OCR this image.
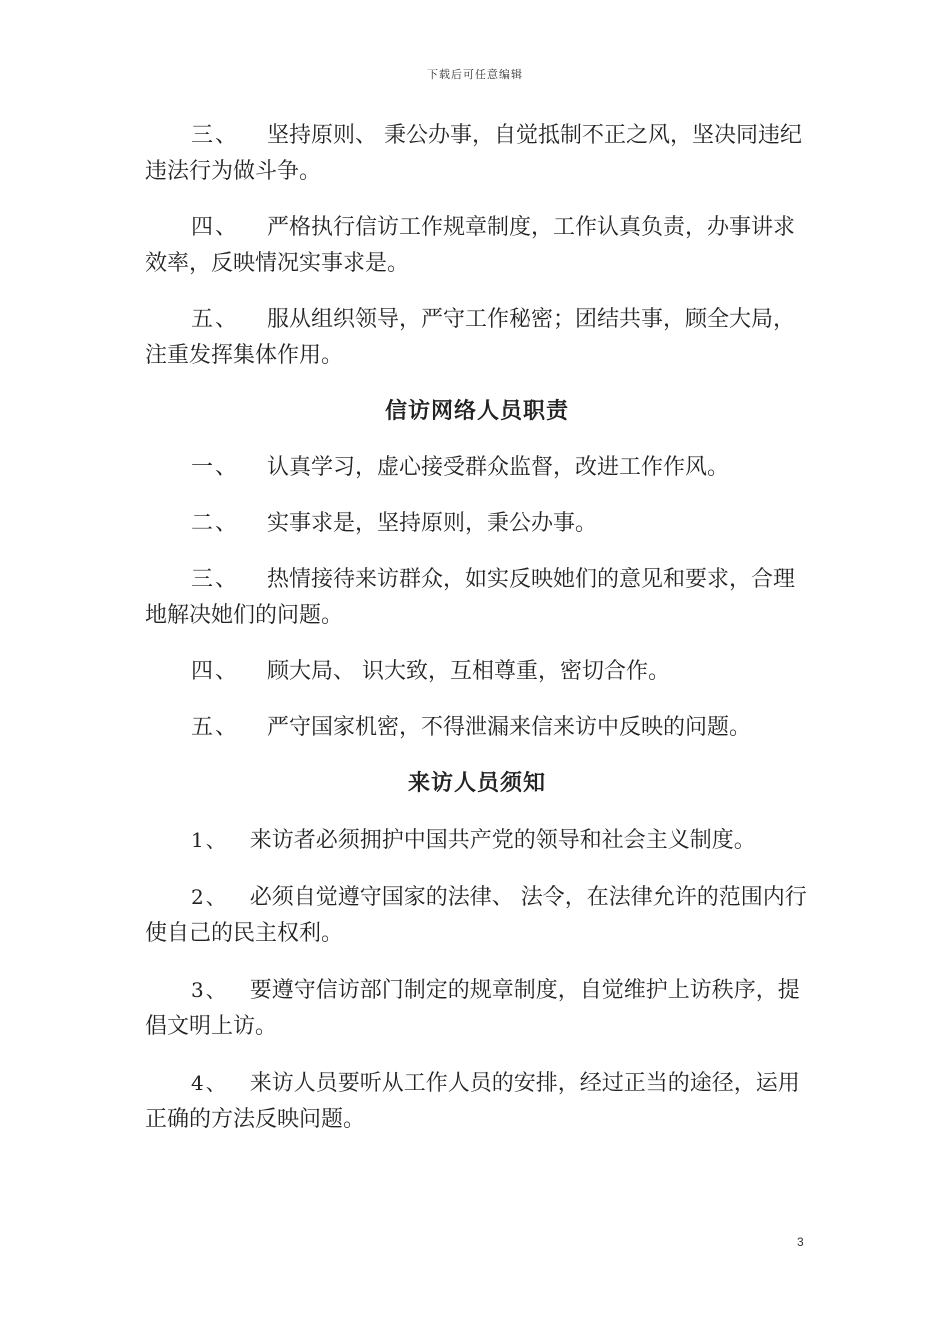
下载后可任意编辑

三、 坚持原则、 秉公办事，自觉抵制不正之风，坚决同违纪违法行为做斗争。

四、 严格执行信访工作规章制度，工作认真负责，办事讲求效率，反映情况实事求是。

五、 服从组织领导，严守工作秘密；团结共事，顾全大局，注重发挥集体作用。

信访网络人员职责

一、 认真学习，虚心接受群众监督，改进工作作风。

二、 实事求是，坚持原则，秉公办事。

三、 热情接待来访群众，如实反映她们的意见和要求，合理地解决她们的问题。

四、 顾大局、 识大致，互相尊重，密切合作。

五、 严守国家机密，不得泄漏来信来访中反映的问题。

来访人员须知

1、 来访者必须拥护中国共产党的领导和社会主义制度。

2、 必须自觉遵守国家的法律、 法令，在法律允许的范围内行使自己的民主权利。

3、 要遵守信访部门制定的规章制度，自觉维护上访秩序，提倡文明上访。

4、 来访人员要听从工作人员的安排，经过正当的途径，运用正确的方法反映问题。

3
